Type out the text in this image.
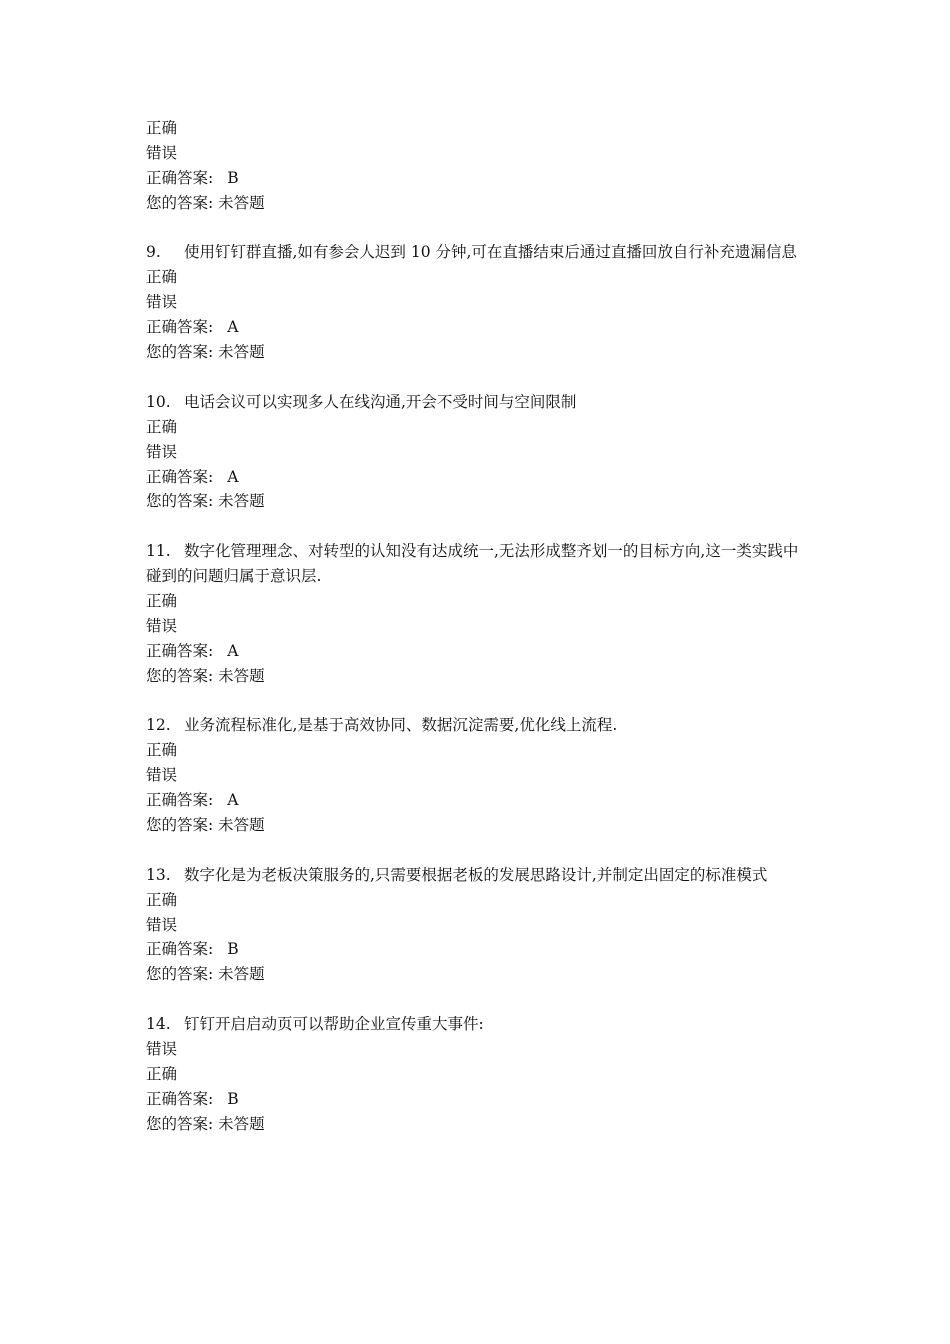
正确
错误
正确答案: B
您的答案: 未答题
9. 使用钉钉群直播,如有参会人迟到 10 分钟,可在直播结束后通过直播回放自行补充遗漏信息
正确
错误
正确答案: A
您的答案: 未答题
10. 电话会议可以实现多人在线沟通,开会不受时间与空间限制
正确
错误
正确答案: A
您的答案: 未答题
11. 数字化管理理念、对转型的认知没有达成统一,无法形成整齐划一的目标方向,这一类实践中碰到的问题归属于意识层.
正确
错误
正确答案: A
您的答案: 未答题
12. 业务流程标准化,是基于高效协同、数据沉淀需要,优化线上流程.
正确
错误
正确答案: A
您的答案: 未答题
13. 数字化是为老板决策服务的,只需要根据老板的发展思路设计,并制定出固定的标准模式
正确
错误
正确答案: B
您的答案: 未答题
14. 钉钉开启启动页可以帮助企业宣传重大事件:
错误
正确
正确答案: B
您的答案: 未答题
